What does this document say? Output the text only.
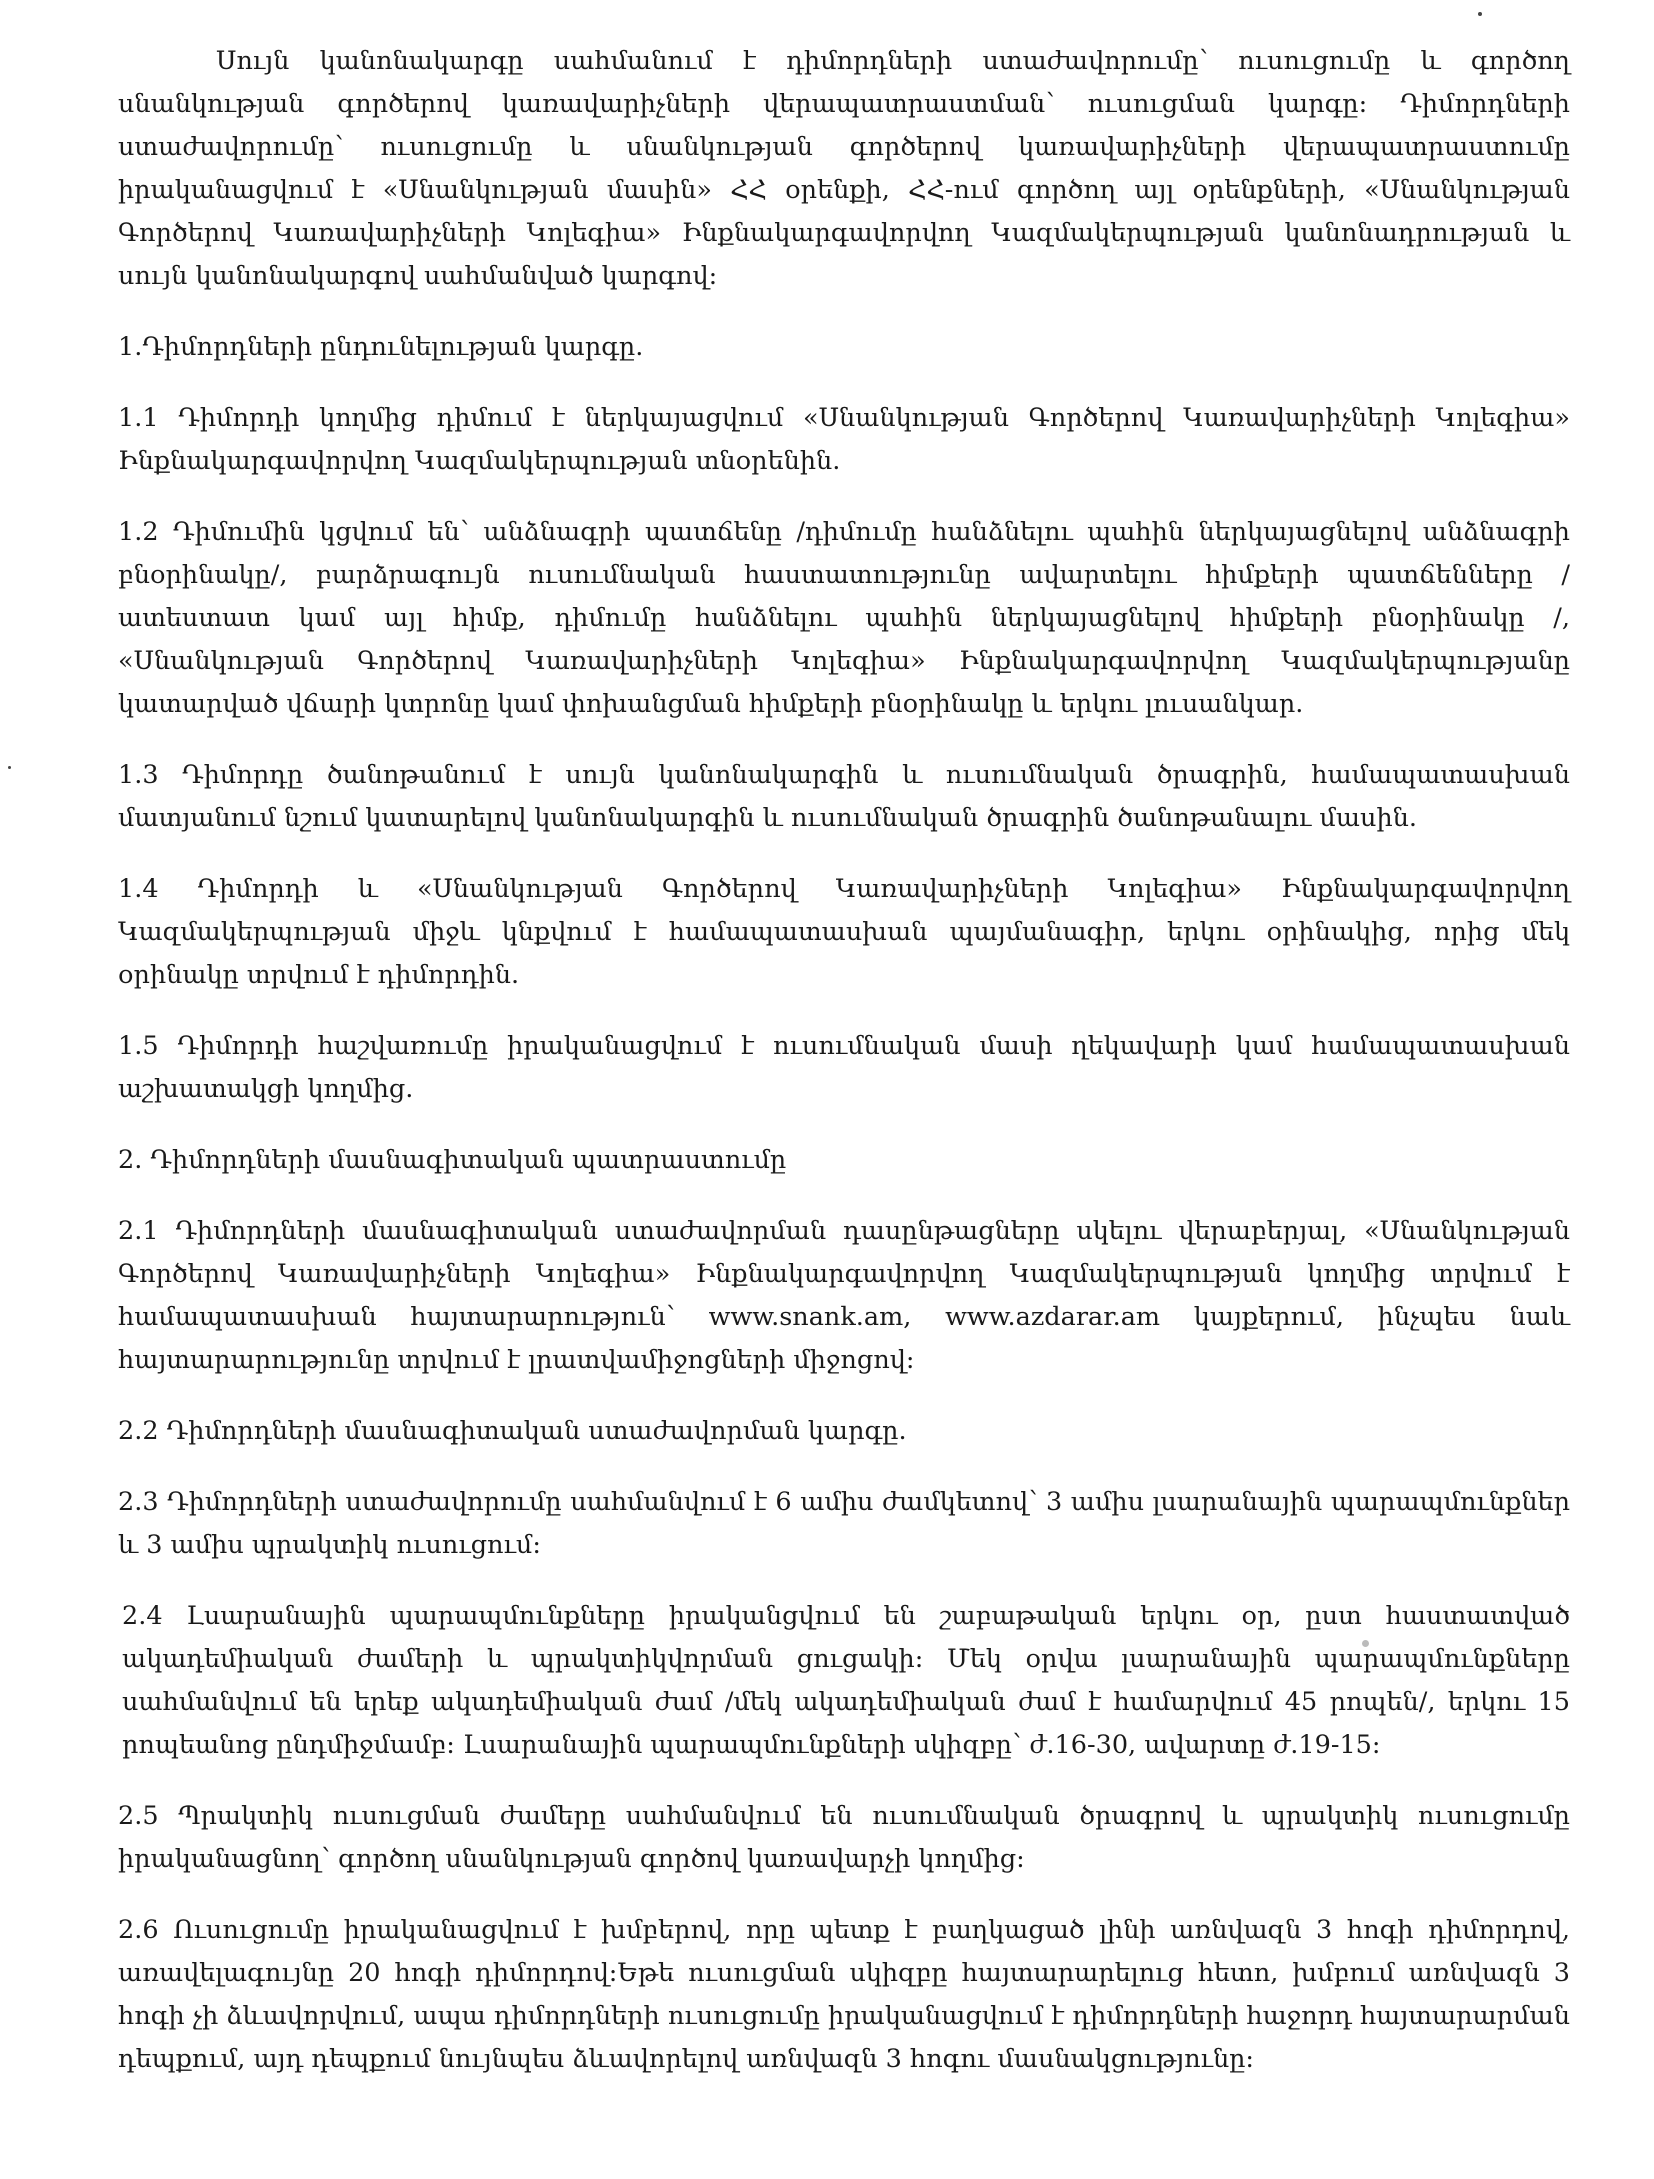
Սույն կանոնակարգը սահմանում է դիմորդների ստաժավորումը՝ ուսուցումը և գործող սնանկության գործերով կառավարիչների վերապատրաստման՝ ուսուցման կարգը: Դիմորդների ստաժավորումը՝ ուսուցումը և սնանկության գործերով կառավարիչների վերապատրաստումը իրականացվում է «Սնանկության մասին» ՀՀ օրենքի, ՀՀ-ում գործող այլ օրենքների, «Սնանկության Գործերով Կառավարիչների Կոլեգիա» Ինքնակարգավորվող Կազմակերպության կանոնադրության և սույն կանոնակարգով սահմանված կարգով:

1.Դիմորդների ընդունելության կարգը.

1.1 Դիմորդի կողմից դիմում է ներկայացվում «Սնանկության Գործերով Կառավարիչների Կոլեգիա» Ինքնակարգավորվող Կազմակերպության տնօրենին.

1.2 Դիմումին կցվում են՝ անձնագրի պատճենը /դիմումը հանձնելու պահին ներկայացնելով անձնագրի բնօրինակը/, բարձրագույն ուսումնական հաստատությունը ավարտելու հիմքերի պատճենները /ատեստատ կամ այլ հիմք, դիմումը հանձնելու պահին ներկայացնելով հիմքերի բնօրինակը /, «Սնանկության Գործերով Կառավարիչների Կոլեգիա» Ինքնակարգավորվող Կազմակերպությանը կատարված վճարի կտրոնը կամ փոխանցման հիմքերի բնօրինակը և երկու լուսանկար.

1.3 Դիմորդը ծանոթանում է սույն կանոնակարգին և ուսումնական ծրագրին, համապատասխան մատյանում նշում կատարելով կանոնակարգին և ուսումնական ծրագրին ծանոթանալու մասին.

1.4 Դիմորդի և «Սնանկության Գործերով Կառավարիչների Կոլեգիա» Ինքնակարգավորվող Կազմակերպության միջև կնքվում է համապատասխան պայմանագիր, երկու օրինակից, որից մեկ օրինակը տրվում է դիմորդին.

1.5 Դիմորդի հաշվառումը իրականացվում է ուսումնական մասի ղեկավարի կամ համապատասխան աշխատակցի կողմից.

2. Դիմորդների մասնագիտական պատրաստումը

2.1 Դիմորդների մասնագիտական ստաժավորման դասընթացները սկելու վերաբերյալ, «Սնանկության Գործերով Կառավարիչների Կոլեգիա» Ինքնակարգավորվող Կազմակերպության կողմից տրվում է համապատասխան հայտարարություն՝ www.snank.am, www.azdarar.am կայքերում, ինչպես նաև հայտարարությունը տրվում է լրատվամիջոցների միջոցով:

2.2 Դիմորդների մասնագիտական ստաժավորման կարգը.

2.3 Դիմորդների ստաժավորումը սահմանվում է 6 ամիս ժամկետով՝ 3 ամիս լսարանային պարապմունքներ և 3 ամիս պրակտիկ ուսուցում:

2.4 Լսարանային պարապմունքները իրականցվում են շաբաթական երկու օր, ըստ հաստատված ակադեմիական ժամերի և պրակտիկվորման ցուցակի: Մեկ օրվա լսարանային պարապմունքները սահմանվում են երեք ակադեմիական ժամ /մեկ ակադեմիական ժամ է համարվում 45 րոպեն/, երկու 15 րոպեանոց ընդմիջմամբ: Լսարանային պարապմունքների սկիզբը՝ ժ.16-30, ավարտը ժ.19-15:

2.5 Պրակտիկ ուսուցման ժամերը սահմանվում են ուսումնական ծրագրով և պրակտիկ ուսուցումը իրականացնող՝ գործող սնանկության գործով կառավարչի կողմից:

2.6 Ուսուցումը իրականացվում է խմբերով, որը պետք է բաղկացած լինի առնվազն 3 հոգի դիմորդով, առավելագույնը 20 հոգի դիմորդով:Եթե ուսուցման սկիզբը հայտարարելուց հետո, խմբում առնվազն 3 հոգի չի ձևավորվում, ապա դիմորդների ուսուցումը իրականացվում է դիմորդների հաջորդ հայտարարման դեպքում, այդ դեպքում նույնպես ձևավորելով առնվազն 3 հոգու մասնակցությունը:
